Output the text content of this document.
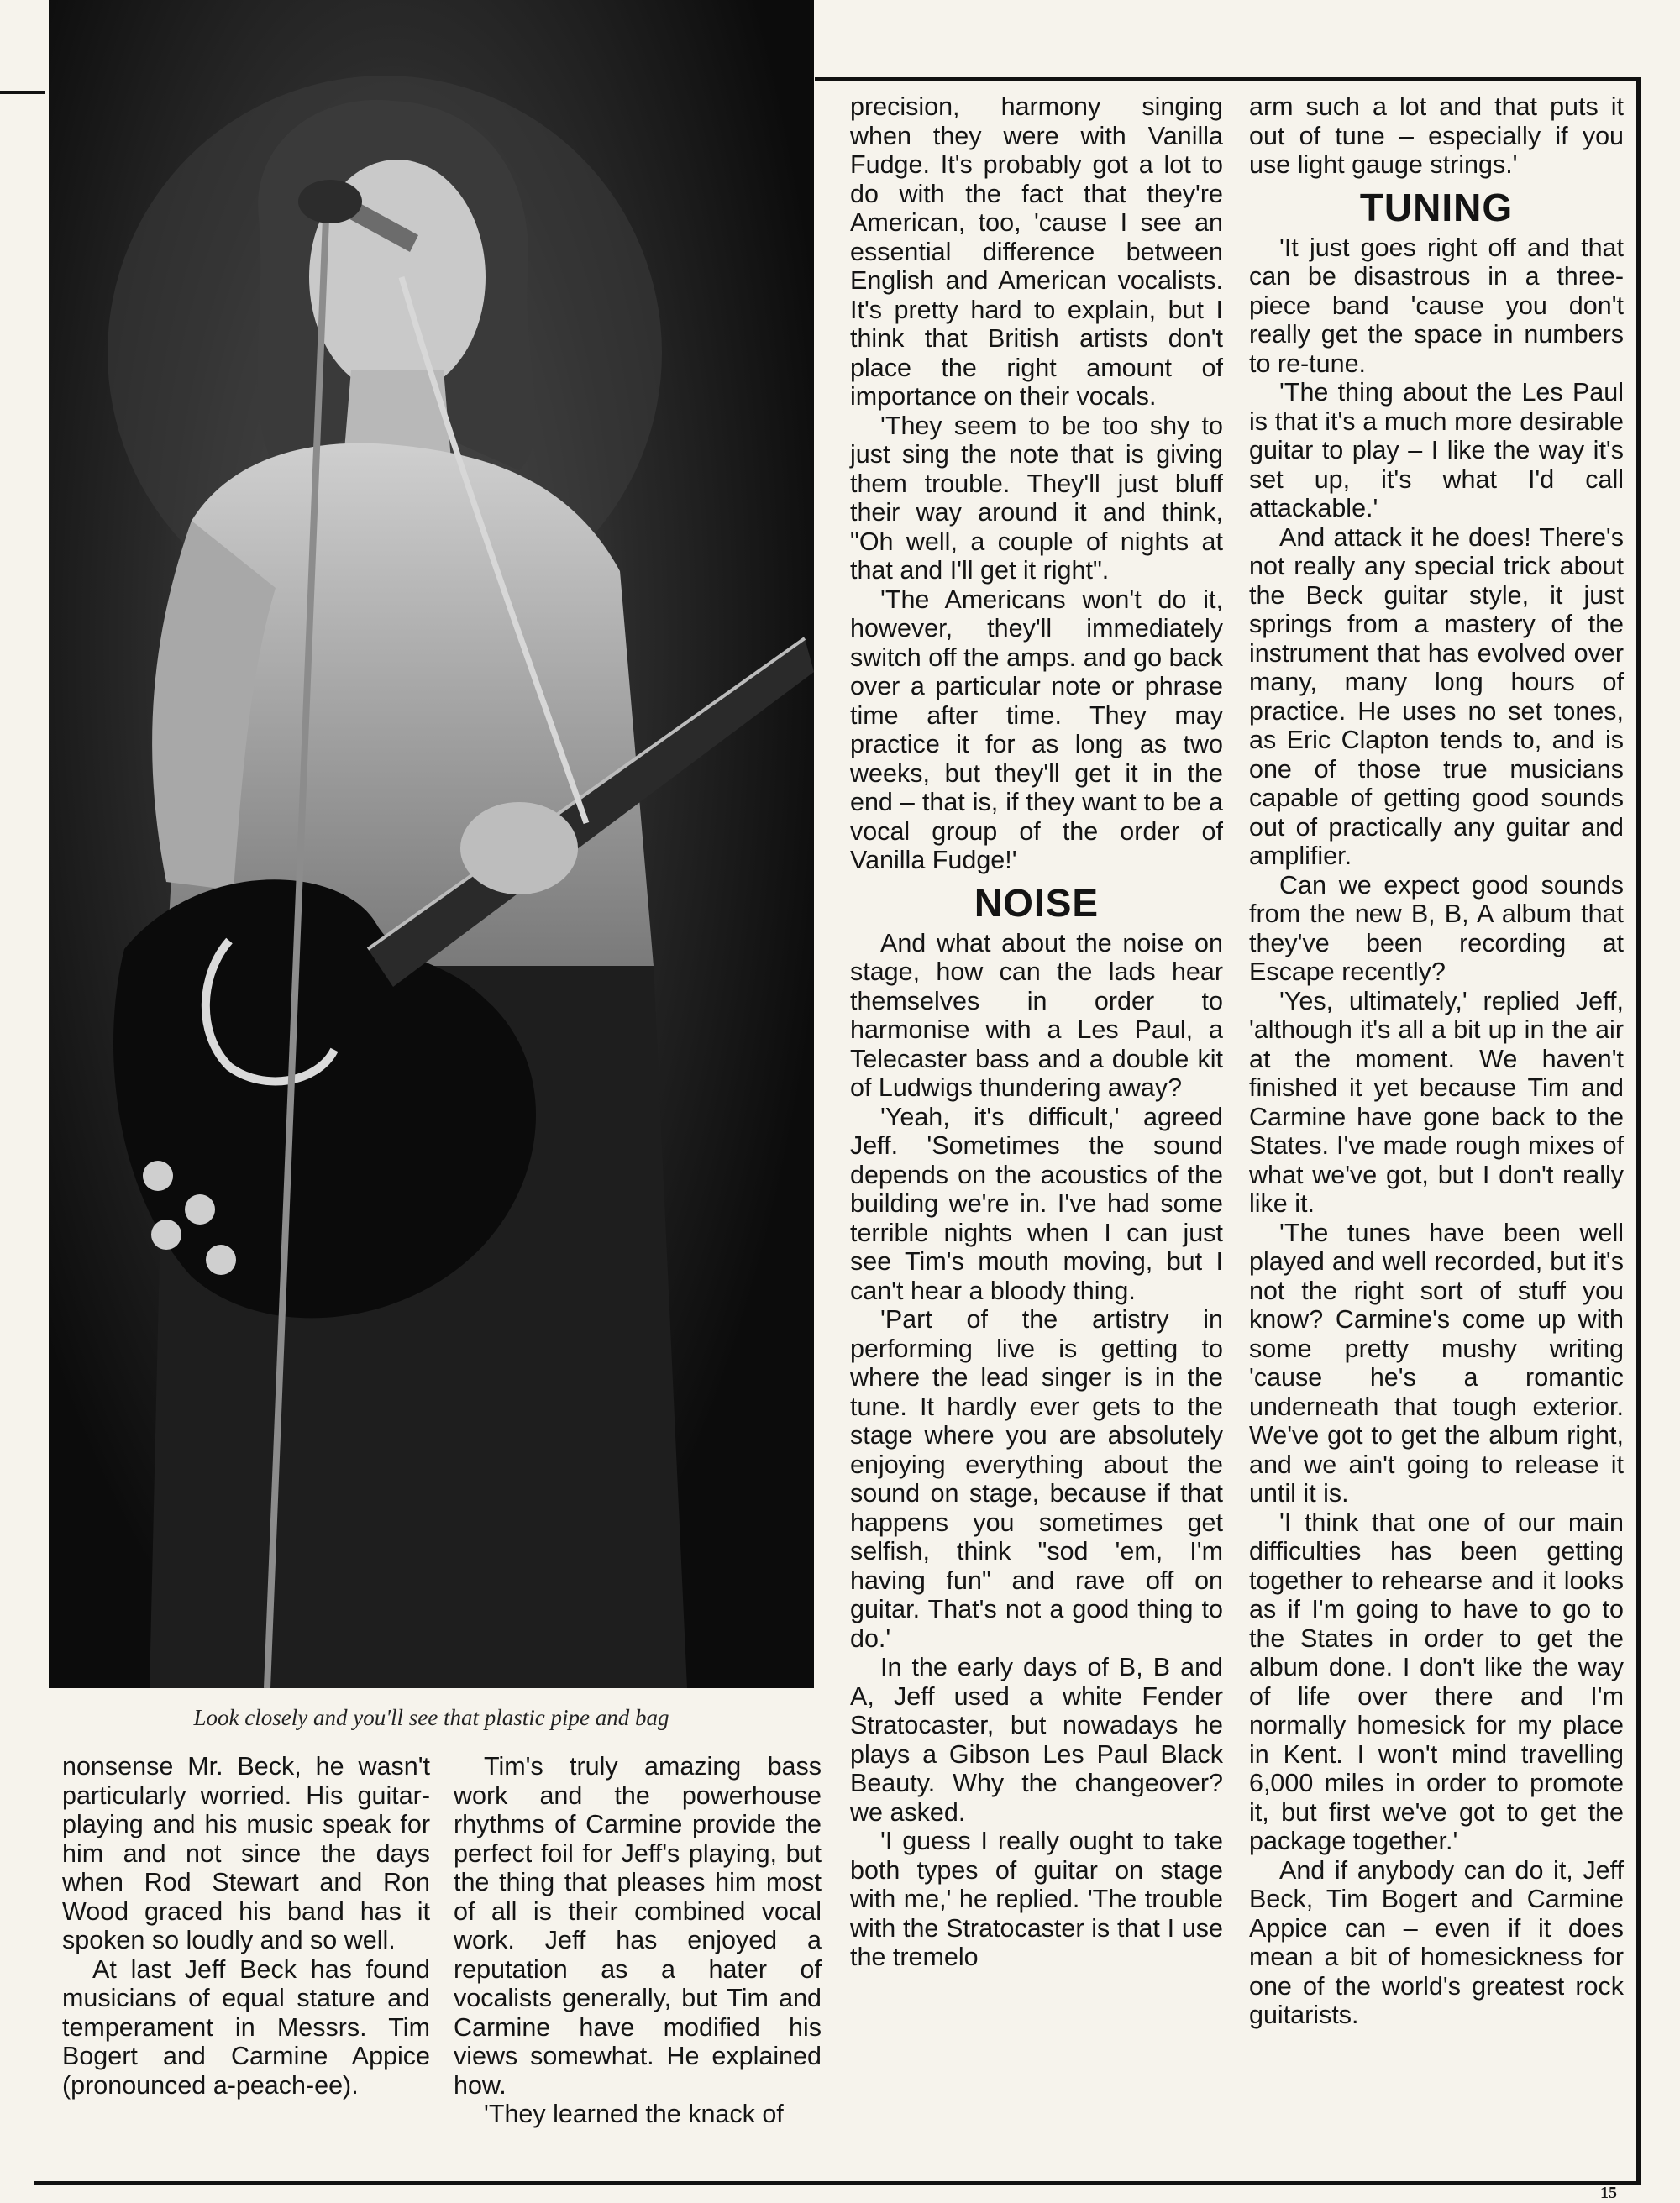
Look closely and you'll see that plastic pipe and bag

nonsense Mr. Beck, he wasn't particularly worried. His guitar-playing and his music speak for him and not since the days when Rod Stewart and Ron Wood graced his band has it spoken so loudly and so well.

At last Jeff Beck has found musicians of equal stature and temperament in Messrs. Tim Bogert and Carmine Appice (pronounced a-peach-ee).

Tim's truly amazing bass work and the powerhouse rhythms of Carmine provide the perfect foil for Jeff's playing, but the thing that pleases him most of all is their combined vocal work. Jeff has enjoyed a reputation as a hater of vocalists generally, but Tim and Carmine have modified his views somewhat. He explained how.

'They learned the knack of

precision, harmony singing when they were with Vanilla Fudge. It's probably got a lot to do with the fact that they're American, too, 'cause I see an essential difference between English and American vocalists. It's pretty hard to explain, but I think that British artists don't place the right amount of importance on their vocals.

'They seem to be too shy to just sing the note that is giving them trouble. They'll just bluff their way around it and think, "Oh well, a couple of nights at that and I'll get it right".

'The Americans won't do it, however, they'll immediately switch off the amps. and go back over a particular note or phrase time after time. They may practice it for as long as two weeks, but they'll get it in the end – that is, if they want to be a vocal group of the order of Vanilla Fudge!'

NOISE

And what about the noise on stage, how can the lads hear themselves in order to harmonise with a Les Paul, a Telecaster bass and a double kit of Ludwigs thundering away?

'Yeah, it's difficult,' agreed Jeff. 'Sometimes the sound depends on the acoustics of the building we're in. I've had some terrible nights when I can just see Tim's mouth moving, but I can't hear a bloody thing.

'Part of the artistry in performing live is getting to where the lead singer is in the tune. It hardly ever gets to the stage where you are absolutely enjoying everything about the sound on stage, because if that happens you sometimes get selfish, think "sod 'em, I'm having fun" and rave off on guitar. That's not a good thing to do.'

In the early days of B, B and A, Jeff used a white Fender Stratocaster, but nowadays he plays a Gibson Les Paul Black Beauty. Why the changeover? we asked.

'I guess I really ought to take both types of guitar on stage with me,' he replied. 'The trouble with the Stratocaster is that I use the tremelo

arm such a lot and that puts it out of tune – especially if you use light gauge strings.'

TUNING

'It just goes right off and that can be disastrous in a three-piece band 'cause you don't really get the space in numbers to re-tune.

'The thing about the Les Paul is that it's a much more desirable guitar to play – I like the way it's set up, it's what I'd call attackable.'

And attack it he does! There's not really any special trick about the Beck guitar style, it just springs from a mastery of the instrument that has evolved over many, many long hours of practice. He uses no set tones, as Eric Clapton tends to, and is one of those true musicians capable of getting good sounds out of practically any guitar and amplifier.

Can we expect good sounds from the new B, B, A album that they've been recording at Escape recently?

'Yes, ultimately,' replied Jeff, 'although it's all a bit up in the air at the moment. We haven't finished it yet because Tim and Carmine have gone back to the States. I've made rough mixes of what we've got, but I don't really like it.

'The tunes have been well played and well recorded, but it's not the right sort of stuff you know? Carmine's come up with some pretty mushy writing 'cause he's a romantic underneath that tough exterior. We've got to get the album right, and we ain't going to release it until it is.

'I think that one of our main difficulties has been getting together to rehearse and it looks as if I'm going to have to go to the States in order to get the album done. I don't like the way of life over there and I'm normally homesick for my place in Kent. I won't mind travelling 6,000 miles in order to promote it, but first we've got to get the package together.'

And if anybody can do it, Jeff Beck, Tim Bogert and Carmine Appice can – even if it does mean a bit of homesickness for one of the world's greatest rock guitarists.

15
